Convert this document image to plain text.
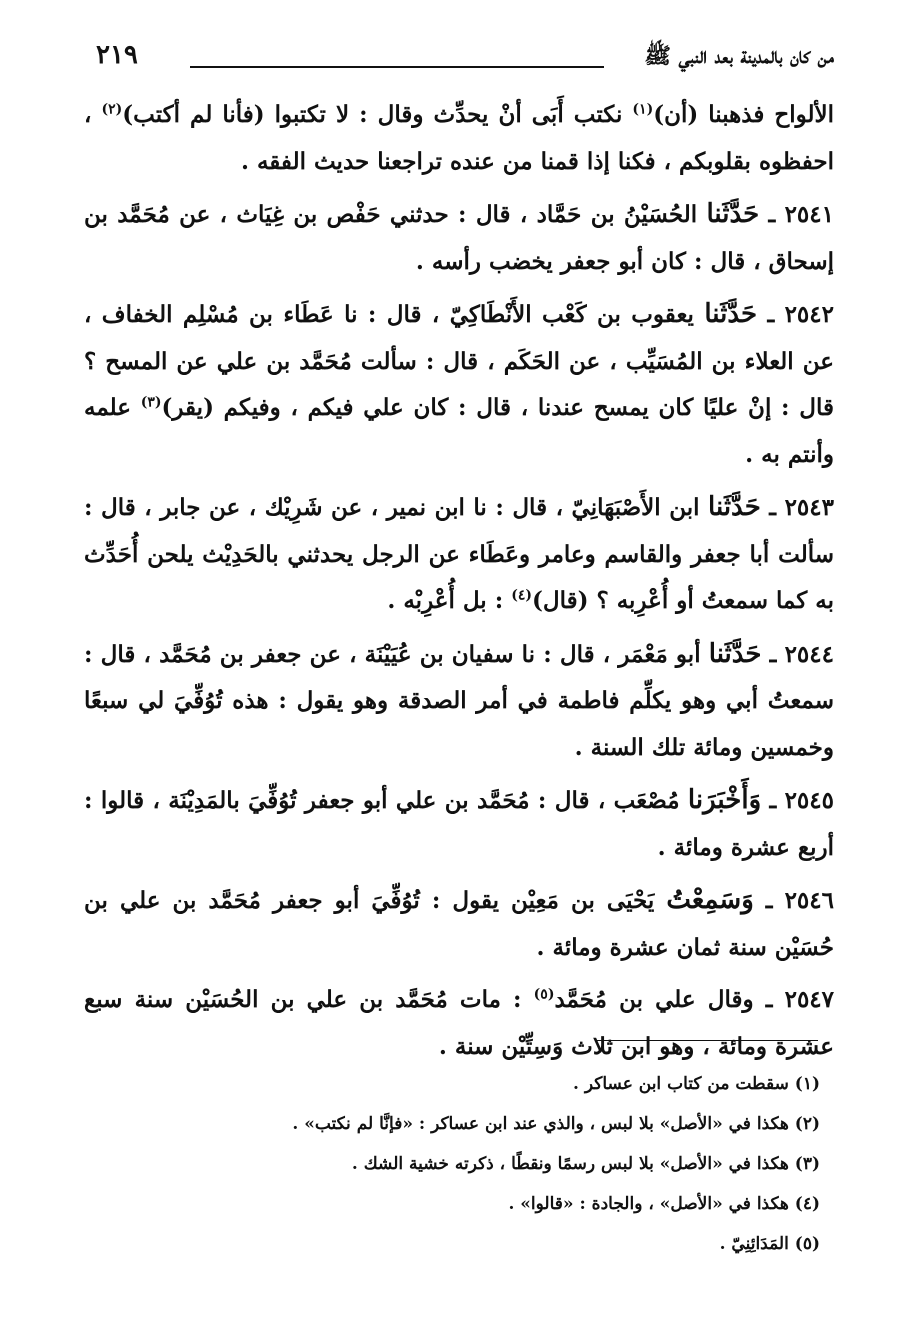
٢١٩	من كان بالمدينة بعد النبي ﷺ

الألواح فذهبنا (أن)$^{(١)}$ نكتب أَبَى أنْ يحدِّث وقال : لا تكتبوا (فأنا لم أكتب)$^{(٢)}$ ، احفظوه بقلوبكم ، فكنا إذا قمنا من عنده تراجعنا حديث الفقه .

٢٥٤١ ـ حَدَّثَنا الحُسَيْنُ بن حَمَّاد ، قال : حدثني حَفْص بن غِيَاث ، عن مُحَمَّد بن إسحاق ، قال : كان أبو جعفر يخضب رأسه .

٢٥٤٢ ـ حَدَّثَنا يعقوب بن كَعْب الأَنْطَاكِيّ ، قال : نا عَطَاء بن مُسْلِم الخفاف ، عن العلاء بن المُسَيِّب ، عن الحَكَم ، قال : سألت مُحَمَّد بن علي عن المسح ؟ قال : إنْ عليًا كان يمسح عندنا ، قال : كان علي فيكم ، وفيكم (يقر)$^{(٣)}$ علمه وأنتم به .

٢٥٤٣ ـ حَدَّثَنا ابن الأَصْبَهَانِيّ ، قال : نا ابن نمير ، عن شَرِيْك ، عن جابر ، قال : سألت أبا جعفر والقاسم وعامر وعَطَاء عن الرجل يحدثني بالحَدِيْث يلحن أُحَدِّث به كما سمعتُ أو أُعْرِبه ؟ (قال)$^{(٤)}$ : بل أُعْرِبْه .

٢٥٤٤ ـ حَدَّثَنا أبو مَعْمَر ، قال : نا سفيان بن عُيَيْنَة ، عن جعفر بن مُحَمَّد ، قال : سمعتُ أبي وهو يكلِّم فاطمة في أمر الصدقة وهو يقول : هذه تُوُفِّيَ لي سبعًا وخمسين ومائة تلك السنة .

٢٥٤٥ ـ وَأَخْبَرَنا مُصْعَب ، قال : مُحَمَّد بن علي أبو جعفر تُوُفِّيَ بالمَدِيْنَة ، قالوا : أربع عشرة ومائة .

٢٥٤٦ ـ وَسَمِعْتُ يَحْيَى بن مَعِيْن يقول : تُوُفِّيَ أبو جعفر مُحَمَّد بن علي بن حُسَيْن سنة ثمان عشرة ومائة .

٢٥٤٧ ـ وقال علي بن مُحَمَّد$^{(٥)}$ : مات مُحَمَّد بن علي بن الحُسَيْن سنة سبع عشرة ومائة ، وهو ابن ثلاث وَسِتِّيْن سنة .

(١) سقطت من كتاب ابن عساكر .
(٢) هكذا في «الأصل» بلا لبس ، والذي عند ابن عساكر : «فإنَّا لم نكتب» .
(٣) هكذا في «الأصل» بلا لبس رسمًا ونقطًا ، ذكرته خشية الشك .
(٤) هكذا في «الأصل» ، والجادة : «قالوا» .
(٥) المَدَائِنِيّ .
